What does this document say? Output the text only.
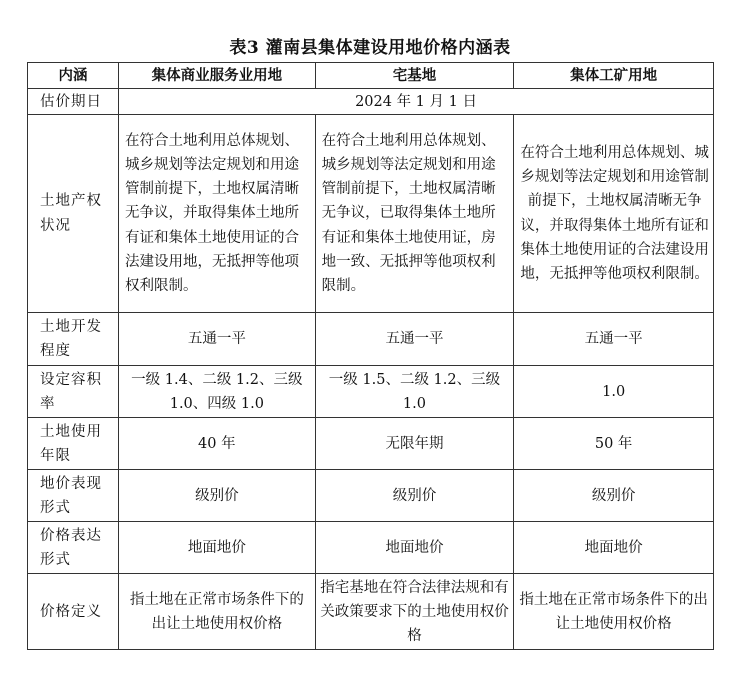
表3 灌南县集体建设用地价格内涵表
内涵	集体商业服务业用地	宅基地	集体工矿用地
估价期日	2024 年 1 月 1 日		

土地产权
状况	在符合土地利用总体规划、城乡规划等法定规划和用途管制前提下，土地权属清晰无争议，并取得集体土地所有证和集体土地使用证的合法建设用地，无抵押等他项权利限制。	在符合土地利用总体规划、城乡规划等法定规划和用途管制前提下，土地权属清晰无争议，已取得集体土地所有证和集体土地使用证，房地一致、无抵押等他项权利限制。	在符合土地利用总体规划、城乡规划等法定规划和用途管制前提下，土地权属清晰无争议，并取得集体土地所有证和集体土地使用证的合法建设用地，无抵押等他项权利限制。

土地开发
程度	五通一平	五通一平	五通一平

设定容积
率	一级 1.4、二级 1.2、三级 1.0、四级 1.0	一级 1.5、二级 1.2、三级 1.0	1.0

土地使用
年限	40 年	无限年期	50 年

地价表现
形式	级别价	级别价	级别价

价格表达
形式	地面地价	地面地价	地面地价
价格定义	指土地在正常市场条件下的出让土地使用权价格	指宅基地在符合法律法规和有关政策要求下的土地使用权价格	指土地在正常市场条件下的出让土地使用权价格
